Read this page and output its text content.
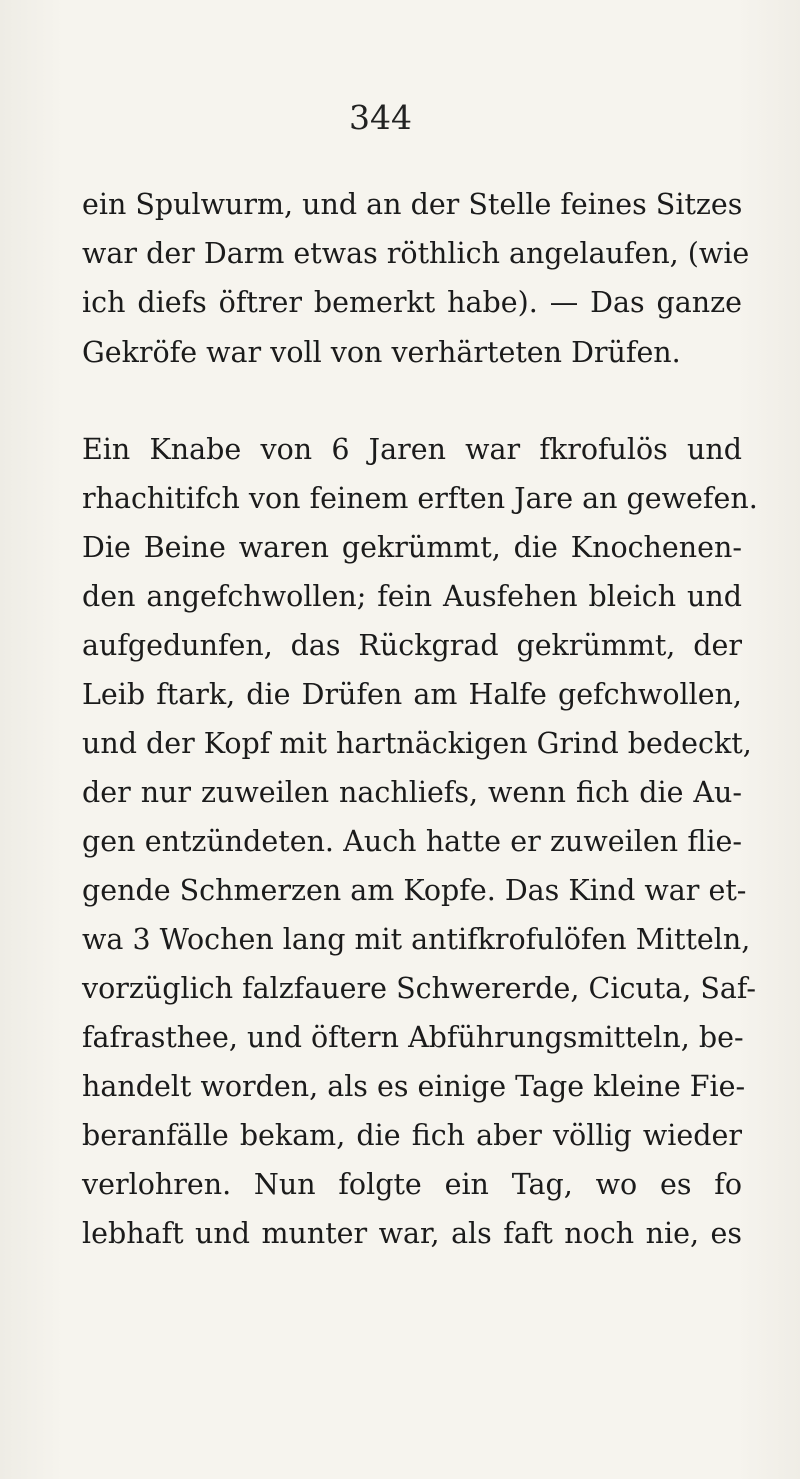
344
ein Spulwurm, und an der Stelle feines Sitzes
war der Darm etwas röthlich angelaufen, (wie
ich diefs öftrer bemerkt habe). — Das ganze
Gekröfe war voll von verhärteten Drüfen.
Ein Knabe von 6 Jaren war fkrofulös und
rhachitifch von feinem erften Jare an gewefen.
Die Beine waren gekrümmt, die Knochenen-
den angefchwollen; fein Ausfehen bleich und
aufgedunfen, das Rückgrad gekrümmt, der
Leib ftark, die Drüfen am Halfe gefchwollen,
und der Kopf mit hartnäckigen Grind bedeckt,
der nur zuweilen nachliefs, wenn fich die Au-
gen entzündeten. Auch hatte er zuweilen flie-
gende Schmerzen am Kopfe. Das Kind war et-
wa 3 Wochen lang mit antifkrofulöfen Mitteln,
vorzüglich falzfauere Schwererde, Cicuta, Saf-
fafrasthee, und öftern Abführungsmitteln, be-
handelt worden, als es einige Tage kleine Fie-
beranfälle bekam, die fich aber völlig wieder
verlohren. Nun folgte ein Tag, wo es fo
lebhaft und munter war, als faft noch nie, es
